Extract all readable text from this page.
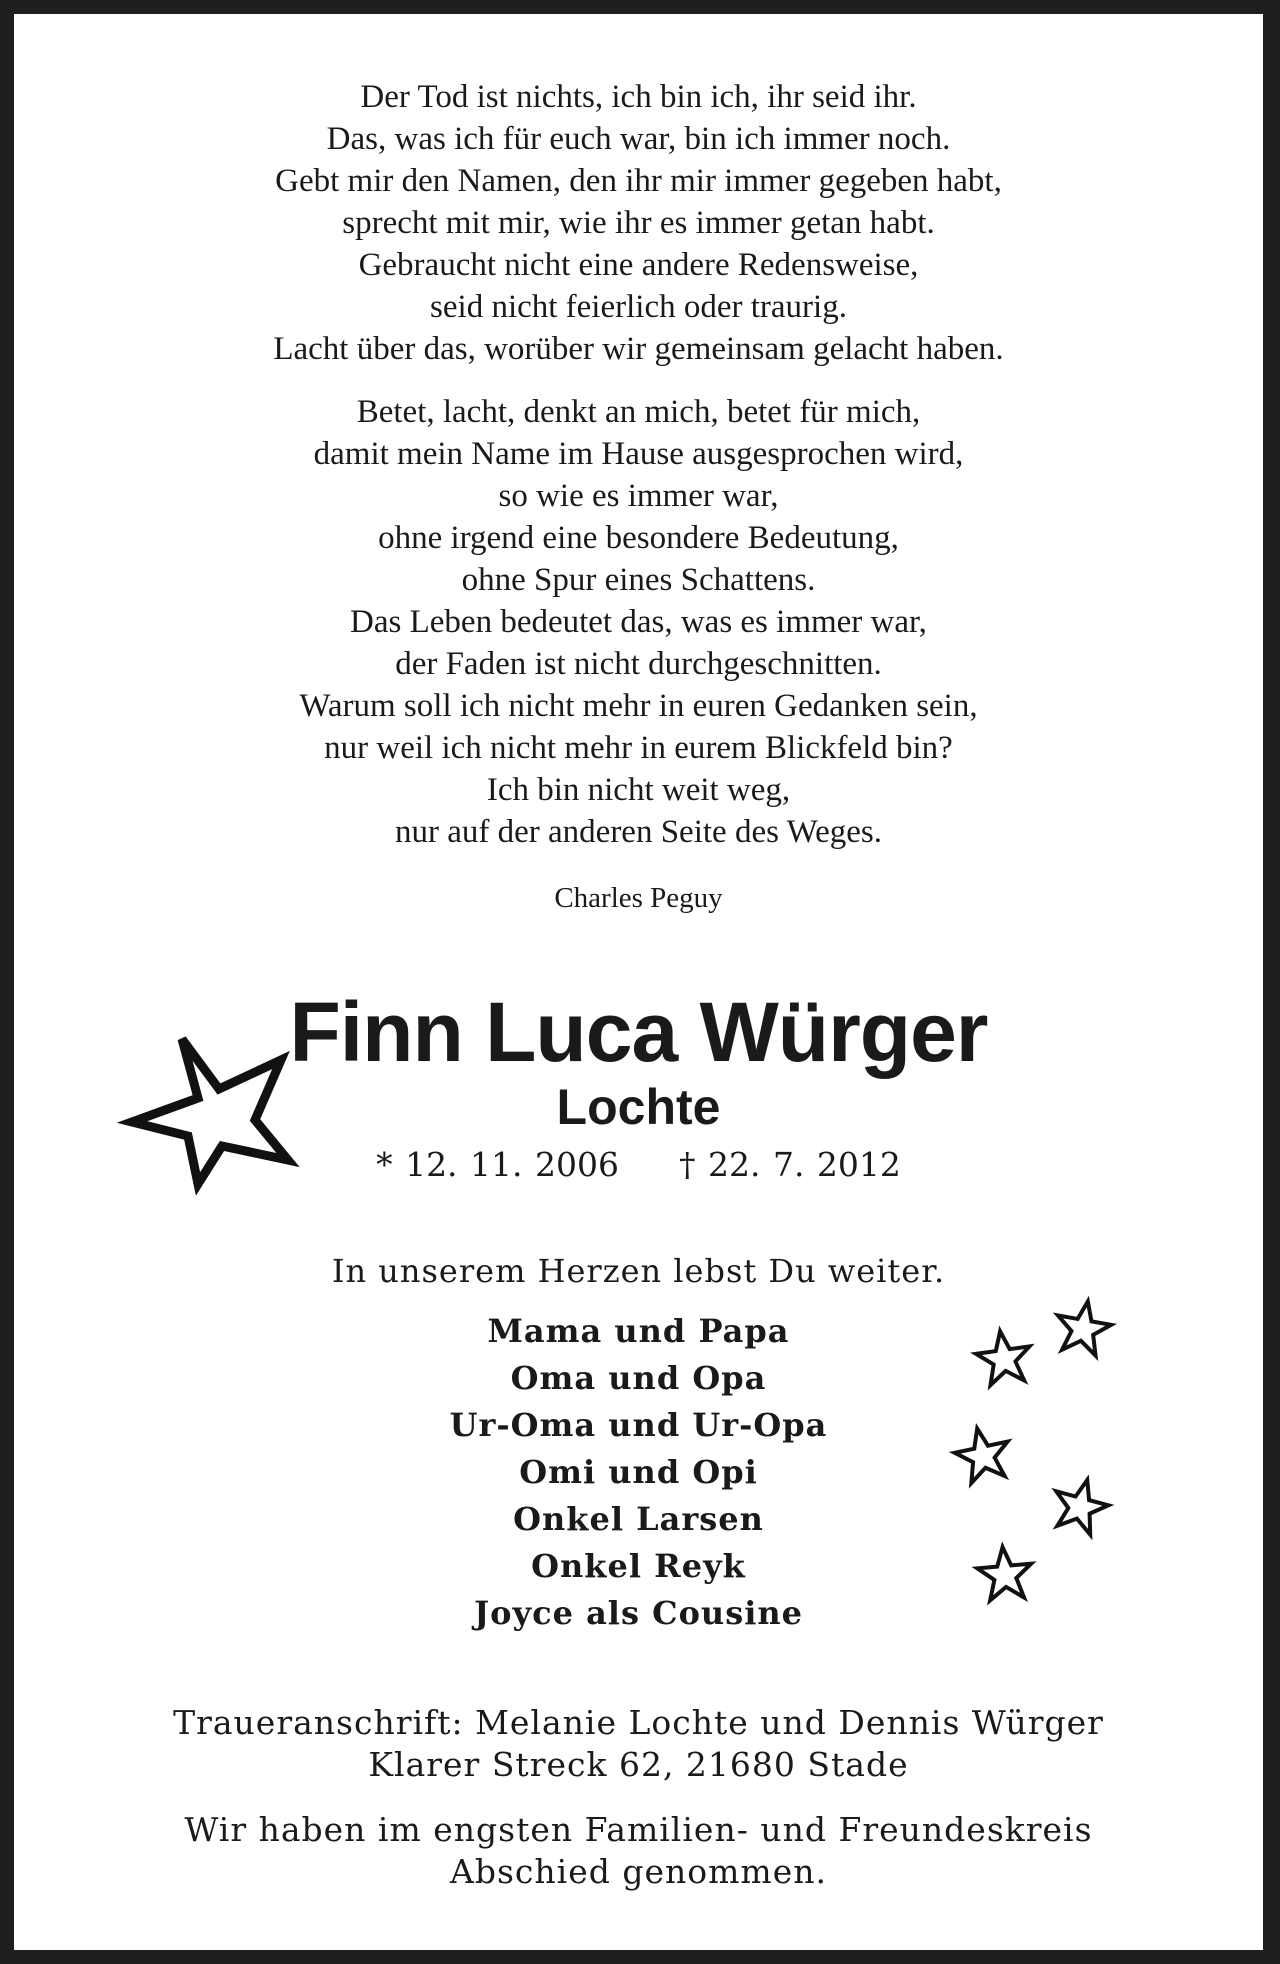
Der Tod ist nichts, ich bin ich, ihr seid ihr.
Das, was ich für euch war, bin ich immer noch.
Gebt mir den Namen, den ihr mir immer gegeben habt,
sprecht mit mir, wie ihr es immer getan habt.
Gebraucht nicht eine andere Redensweise,
seid nicht feierlich oder traurig.
Lacht über das, worüber wir gemeinsam gelacht haben.
Betet, lacht, denkt an mich, betet für mich,
damit mein Name im Hause ausgesprochen wird,
so wie es immer war,
ohne irgend eine besondere Bedeutung,
ohne Spur eines Schattens.
Das Leben bedeutet das, was es immer war,
der Faden ist nicht durchgeschnitten.
Warum soll ich nicht mehr in euren Gedanken sein,
nur weil ich nicht mehr in eurem Blickfeld bin?
Ich bin nicht weit weg,
nur auf der anderen Seite des Weges.
Charles Peguy
Finn Luca Würger
Lochte
* 12. 11. 2006 † 22. 7. 2012
In unserem Herzen lebst Du weiter.
Mama und Papa
Oma und Opa
Ur-Oma und Ur-Opa
Omi und Opi
Onkel Larsen
Onkel Reyk
Joyce als Cousine
Traueranschrift: Melanie Lochte und Dennis Würger
Klarer Streck 62, 21680 Stade
Wir haben im engsten Familien- und Freundeskreis
Abschied genommen.
